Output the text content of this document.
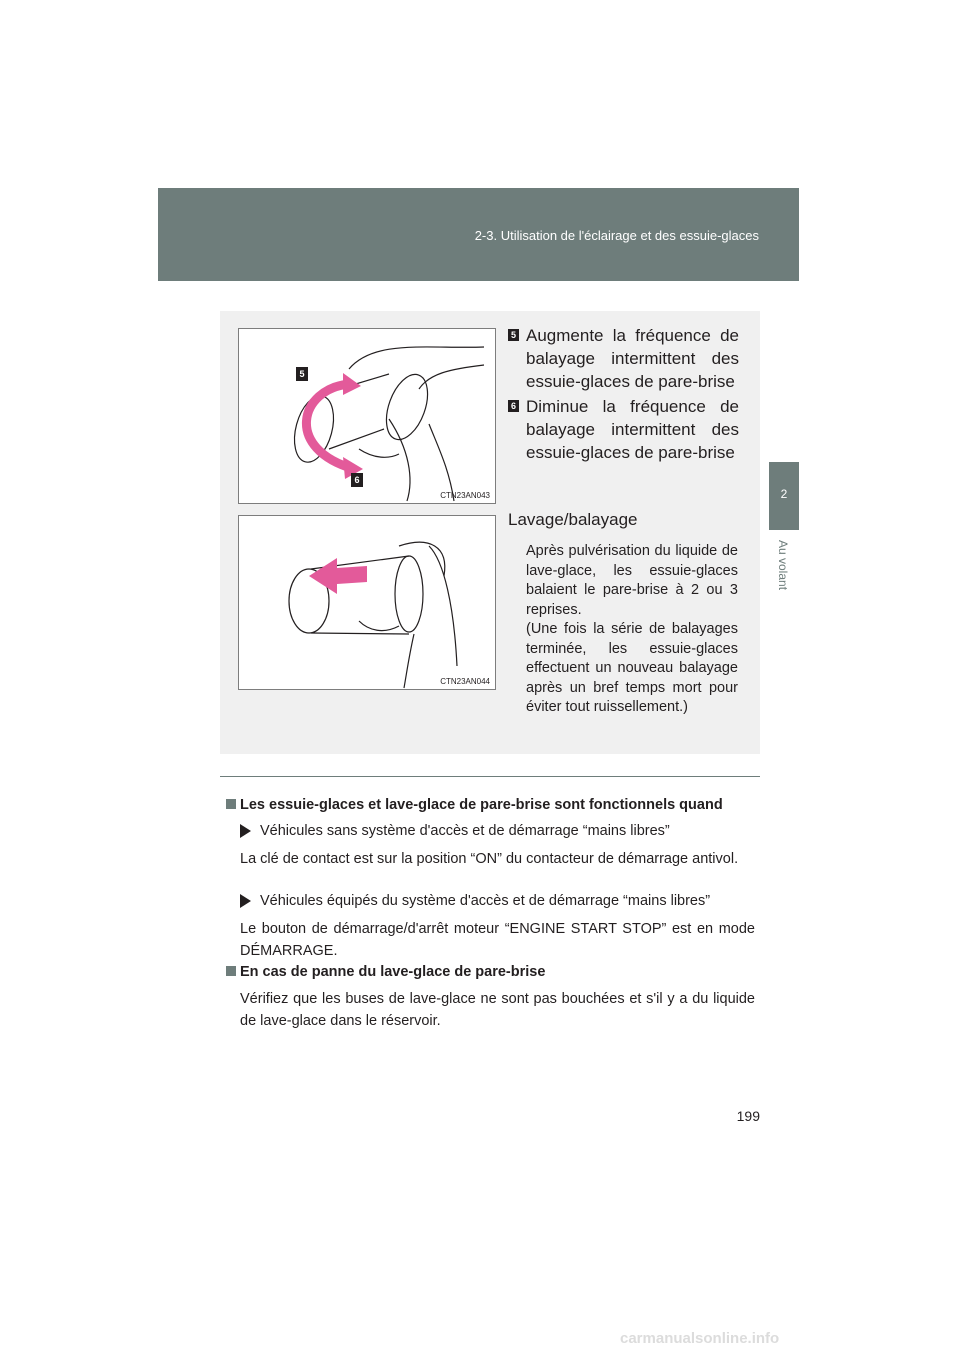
2-3. Utilisation de l'éclairage et des essuie-glaces
2
Au volant
CTN23AN043
5
6
CTN23AN044
5 Augmente la fréquence de balayage intermittent des essuie-glaces de pare-brise
6 Diminue la fréquence de balayage intermittent des essuie-glaces de pare-brise
Lavage/balayage

Après pulvérisation du liquide de lave-glace, les essuie-glaces balaient le pare-brise à 2 ou 3 reprises.

(Une fois la série de balayages terminée, les essuie-glaces effectuent un nouveau balayage après un bref temps mort pour éviter tout ruissellement.)

Les essuie-glaces et lave-glace de pare-brise sont fonctionnels quand
Véhicules sans système d'accès et de démarrage “mains libres”
La clé de contact est sur la position “ON” du contacteur de démarrage antivol.
Véhicules équipés du système d'accès et de démarrage “mains libres”
Le bouton de démarrage/d'arrêt moteur “ENGINE START STOP” est en mode DÉMARRAGE.
En cas de panne du lave-glace de pare-brise
Vérifiez que les buses de lave-glace ne sont pas bouchées et s'il y a du liquide de lave-glace dans le réservoir.
199
carmanualsonline.info
